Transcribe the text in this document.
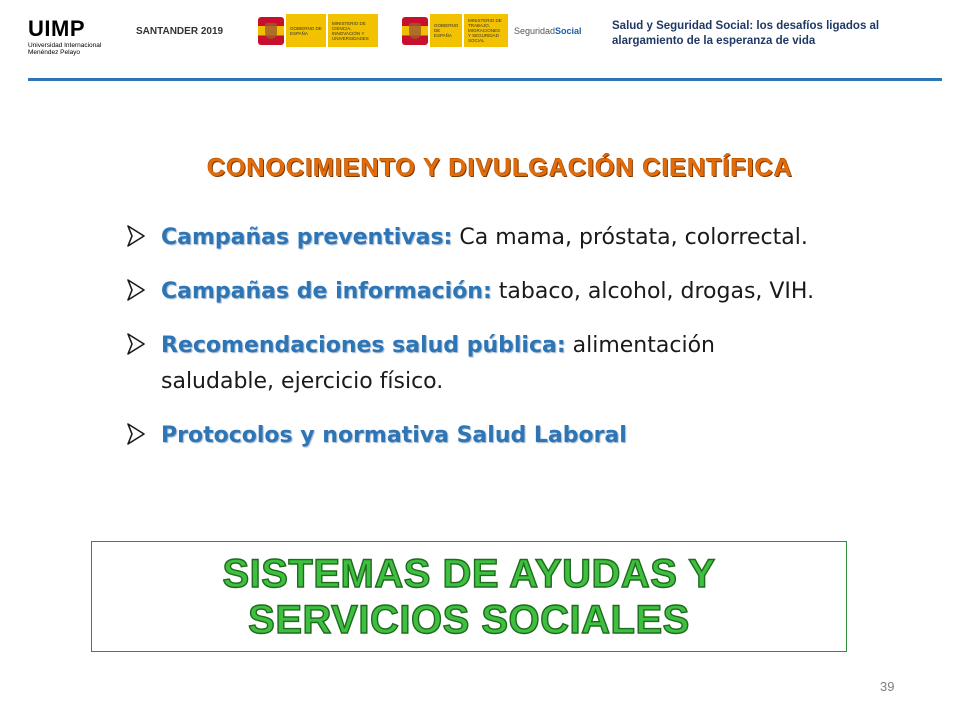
UIMP
Universidad Internacional
Menéndez Pelayo
SANTANDER 2019	GOBIERNO DE ESPAÑA
MINISTERIO DE CIENCIA, INNOVACIÓN Y UNIVERSIDADES
GOBIERNO DE ESPAÑA
MINISTERIO DE TRABAJO, MIGRACIONES Y SEGURIDAD SOCIAL
SeguridadSocial	Salud y Seguridad Social: los desafíos ligados al
alargamiento de la esperanza de vida
CONOCIMIENTO Y DIVULGACIÓN CIENTÍFICA
Campañas preventivas: Ca mama, próstata, colorrectal.
Campañas de información: tabaco, alcohol, drogas, VIH.
Recomendaciones salud pública: alimentación saludable, ejercicio físico.
Protocolos y normativa Salud Laboral
SISTEMAS DE AYUDAS Y
SERVICIOS SOCIALES
39
